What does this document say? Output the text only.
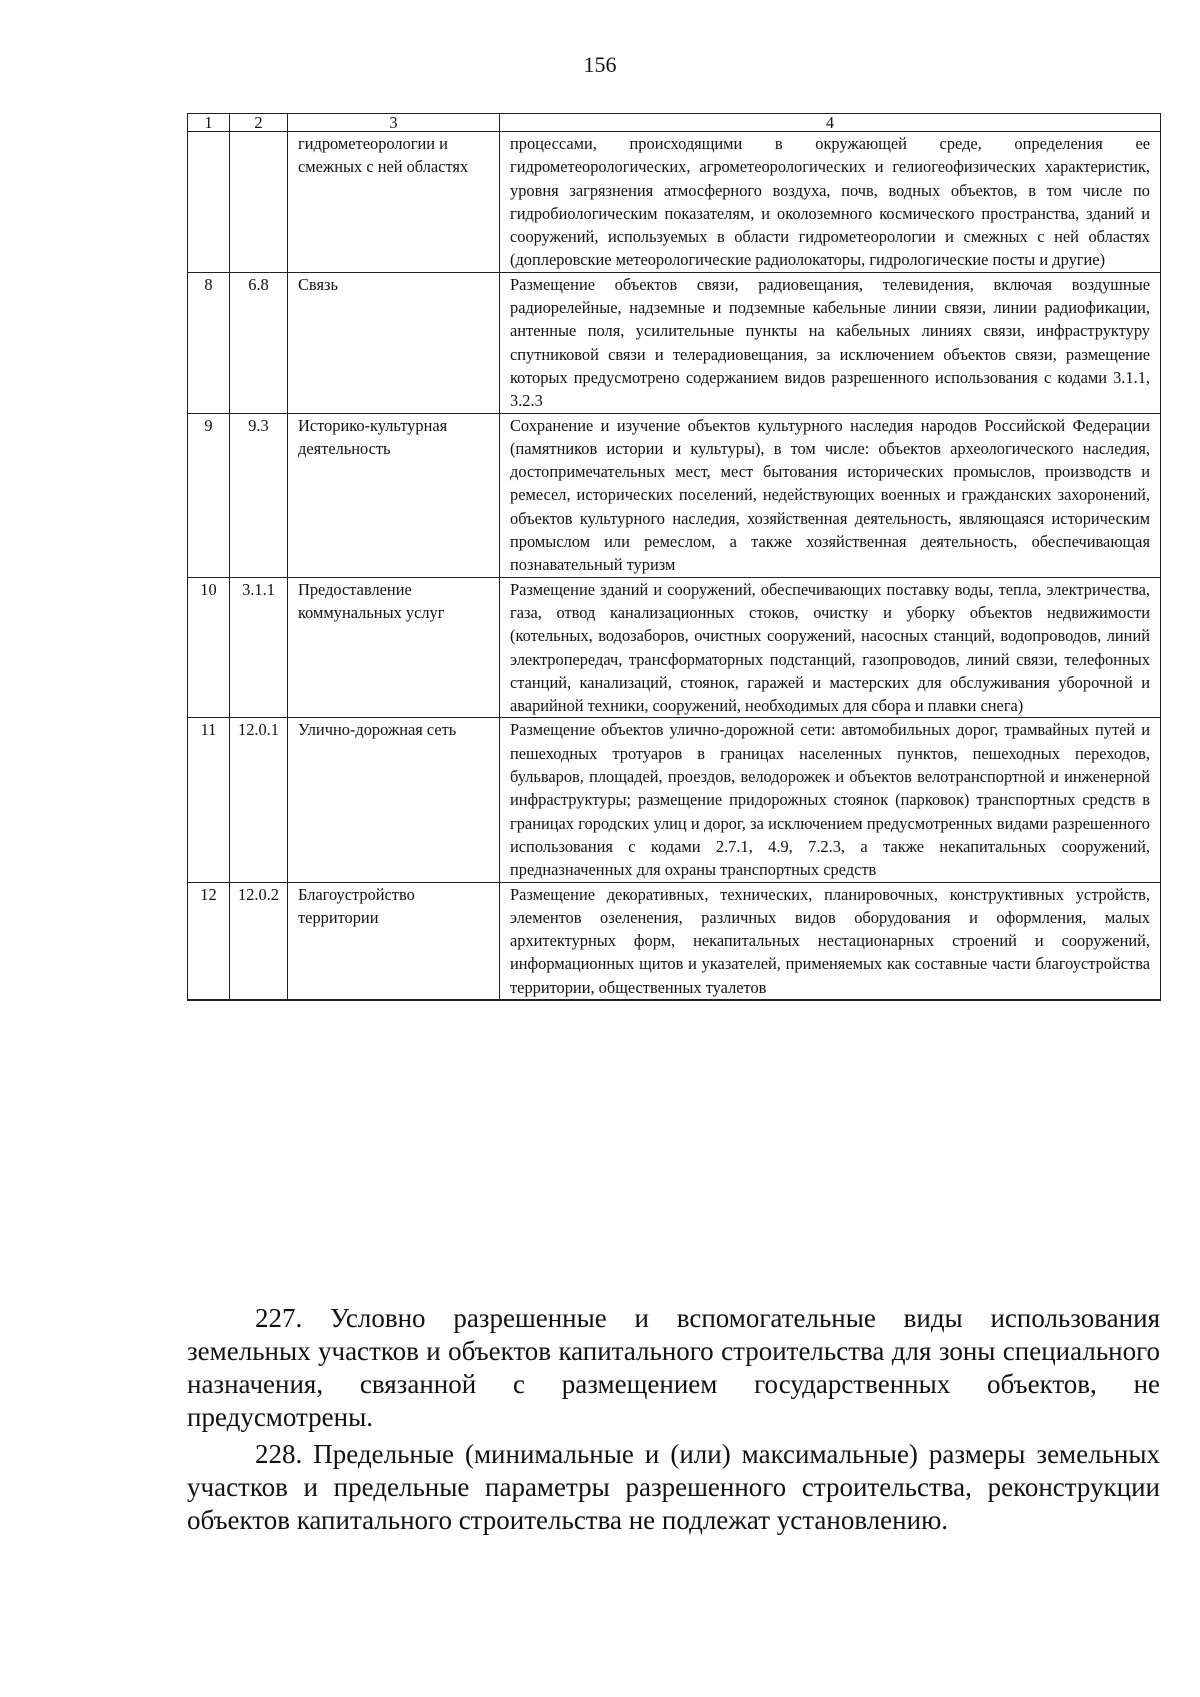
156
1	2	3	4
		гидрометеорологии и смежных с ней областях	процессами, происходящими в окружающей среде, определения ее гидрометеорологических, агрометеорологических и гелиогеофизических характеристик, уровня загрязнения атмосферного воздуха, почв, водных объектов, в том числе по гидробиологическим показателям, и околоземного космического пространства, зданий и сооружений, используемых в области гидрометеорологии и смежных с ней областях (доплеровские метеорологические радиолокаторы, гидрологические посты и другие)
8	6.8	Связь	Размещение объектов связи, радиовещания, телевидения, включая воздушные радиорелейные, надземные и подземные кабельные линии связи, линии радиофикации, антенные поля, усилительные пункты на кабельных линиях связи, инфраструктуру спутниковой связи и телерадиовещания, за исключением объектов связи, размещение которых предусмотрено содержанием видов разрешенного использования с кодами 3.1.1, 3.2.3
9	9.3	Историко-культурная деятельность	Сохранение и изучение объектов культурного наследия народов Российской Федерации (памятников истории и культуры), в том числе: объектов археологического наследия, достопримечательных мест, мест бытования исторических промыслов, производств и ремесел, исторических поселений, недействующих военных и гражданских захоронений, объектов культурного наследия, хозяйственная деятельность, являющаяся историческим промыслом или ремеслом, а также хозяйственная деятельность, обеспечивающая познавательный туризм
10	3.1.1	Предоставление коммунальных услуг	Размещение зданий и сооружений, обеспечивающих поставку воды, тепла, электричества, газа, отвод канализационных стоков, очистку и уборку объектов недвижимости (котельных, водозаборов, очистных сооружений, насосных станций, водопроводов, линий электропередач, трансформаторных подстанций, газопроводов, линий связи, телефонных станций, канализаций, стоянок, гаражей и мастерских для обслуживания уборочной и аварийной техники, сооружений, необходимых для сбора и плавки снега)
11	12.0.1	Улично-дорожная сеть	Размещение объектов улично-дорожной сети: автомобильных дорог, трамвайных путей и пешеходных тротуаров в границах населенных пунктов, пешеходных переходов, бульваров, площадей, проездов, велодорожек и объектов велотранспортной и инженерной инфраструктуры; размещение придорожных стоянок (парковок) транспортных средств в границах городских улиц и дорог, за исключением предусмотренных видами разрешенного использования с кодами 2.7.1, 4.9, 7.2.3, а также некапитальных сооружений, предназначенных для охраны транспортных средств
12	12.0.2	Благоустройство территории	Размещение декоративных, технических, планировочных, конструктивных устройств, элементов озеленения, различных видов оборудования и оформления, малых архитектурных форм, некапитальных нестационарных строений и сооружений, информационных щитов и указателей, применяемых как составные части благоустройства территории, общественных туалетов

227. Условно разрешенные и вспомогательные виды использования земельных участков и объектов капитального строительства для зоны специального назначения, связанной с размещением государственных объектов, не предусмотрены.

228. Предельные (минимальные и (или) максимальные) размеры земельных участков и предельные параметры разрешенного строительства, реконструкции объектов капитального строительства не подлежат установлению.
